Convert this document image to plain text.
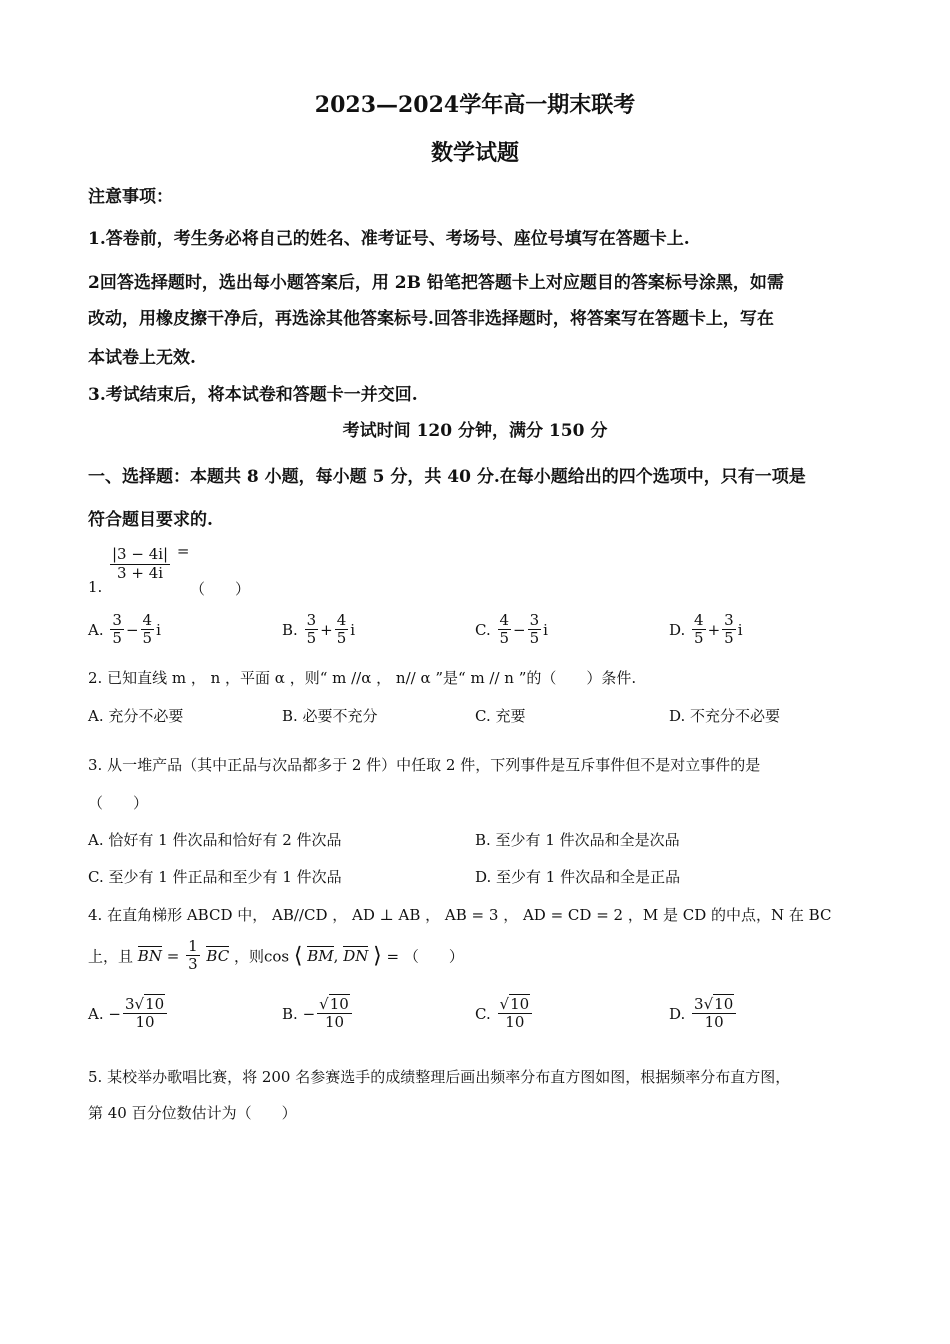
2023—2024学年高一期末联考
数学试题
注意事项：
1.答卷前，考生务必将自己的姓名、准考证号、考场号、座位号填写在答题卡上.
2回答选择题时，选出每小题答案后，用 2B 铅笔把答题卡上对应题目的答案标号涂黑，如需
改动，用橡皮擦干净后，再选涂其他答案标号.回答非选择题时，将答案写在答题卡上，写在
本试卷上无效.
3.考试结束后，将本试卷和答题卡一并交回.
考试时间 120 分钟，满分 150 分
一、选择题：本题共 8 小题，每小题 5 分，共 40 分.在每小题给出的四个选项中，只有一项是
符合题目要求的.
1.
$\frac{|3 - 4i|}{3 + 4i}$ =
（　　）
A. $\frac{3}{5} - \frac{4}{5}$ i	B. $\frac{3}{5} + \frac{4}{5}$ i	C. $\frac{4}{5} - \frac{3}{5}$ i	D. $\frac{4}{5} + \frac{3}{5}$ i
2. 已知直线 m ， n ，平面 α ，则“ m //α ， n// α ”是“ m // n ”的（　　）条件.
A. 充分不必要	B. 必要不充分	C. 充要	D. 不充分不必要
3. 从一堆产品（其中正品与次品都多于 2 件）中任取 2 件，下列事件是互斥事件但不是对立事件的是
（　　）
A. 恰好有 1 件次品和恰好有 2 件次品	B. 至少有 1 件次品和全是次品
C. 至少有 1 件正品和至少有 1 件次品	D. 至少有 1 件次品和全是正品
4. 在直角梯形 ABCD 中， AB//CD ， AD ⊥ AB ， AB = 3 ， AD = CD = 2 ，M 是 CD 的中点，N 在 BC
上，且 BN = $\frac{1}{3}$ BC ，则cos ⟨ BM, DN ⟩ = （　　）
A. − $\frac{3√10}{10}$	B. − $\frac{√10}{10}$	C. $\frac{√10}{10}$	D. $\frac{3√10}{10}$
5. 某校举办歌唱比赛，将 200 名参赛选手的成绩整理后画出频率分布直方图如图，根据频率分布直方图，
第 40 百分位数估计为（　　）
